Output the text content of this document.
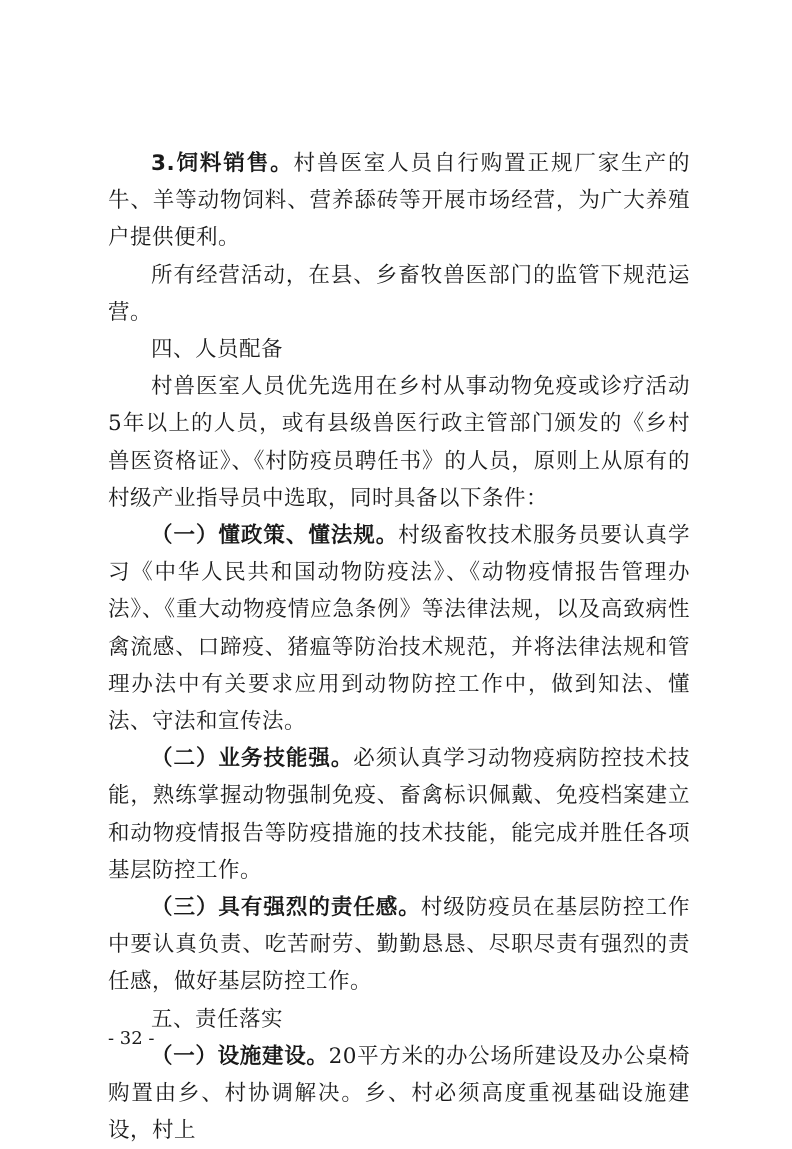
3.饲料销售。村兽医室人员自行购置正规厂家生产的牛、羊等动物饲料、营养舔砖等开展市场经营，为广大养殖户提供便利。

所有经营活动，在县、乡畜牧兽医部门的监管下规范运营。

四、人员配备

村兽医室人员优先选用在乡村从事动物免疫或诊疗活动5年以上的人员，或有县级兽医行政主管部门颁发的《乡村兽医资格证》、《村防疫员聘任书》的人员，原则上从原有的村级产业指导员中选取，同时具备以下条件：

（一）懂政策、懂法规。村级畜牧技术服务员要认真学习《中华人民共和国动物防疫法》、《动物疫情报告管理办法》、《重大动物疫情应急条例》等法律法规，以及高致病性禽流感、口蹄疫、猪瘟等防治技术规范，并将法律法规和管理办法中有关要求应用到动物防控工作中，做到知法、懂法、守法和宣传法。

（二）业务技能强。必须认真学习动物疫病防控技术技能，熟练掌握动物强制免疫、畜禽标识佩戴、免疫档案建立和动物疫情报告等防疫措施的技术技能，能完成并胜任各项基层防控工作。

（三）具有强烈的责任感。村级防疫员在基层防控工作中要认真负责、吃苦耐劳、勤勤恳恳、尽职尽责有强烈的责任感，做好基层防控工作。

五、责任落实

（一）设施建设。20平方米的办公场所建设及办公桌椅购置由乡、村协调解决。乡、村必须高度重视基础设施建设，村上

- 32 -
